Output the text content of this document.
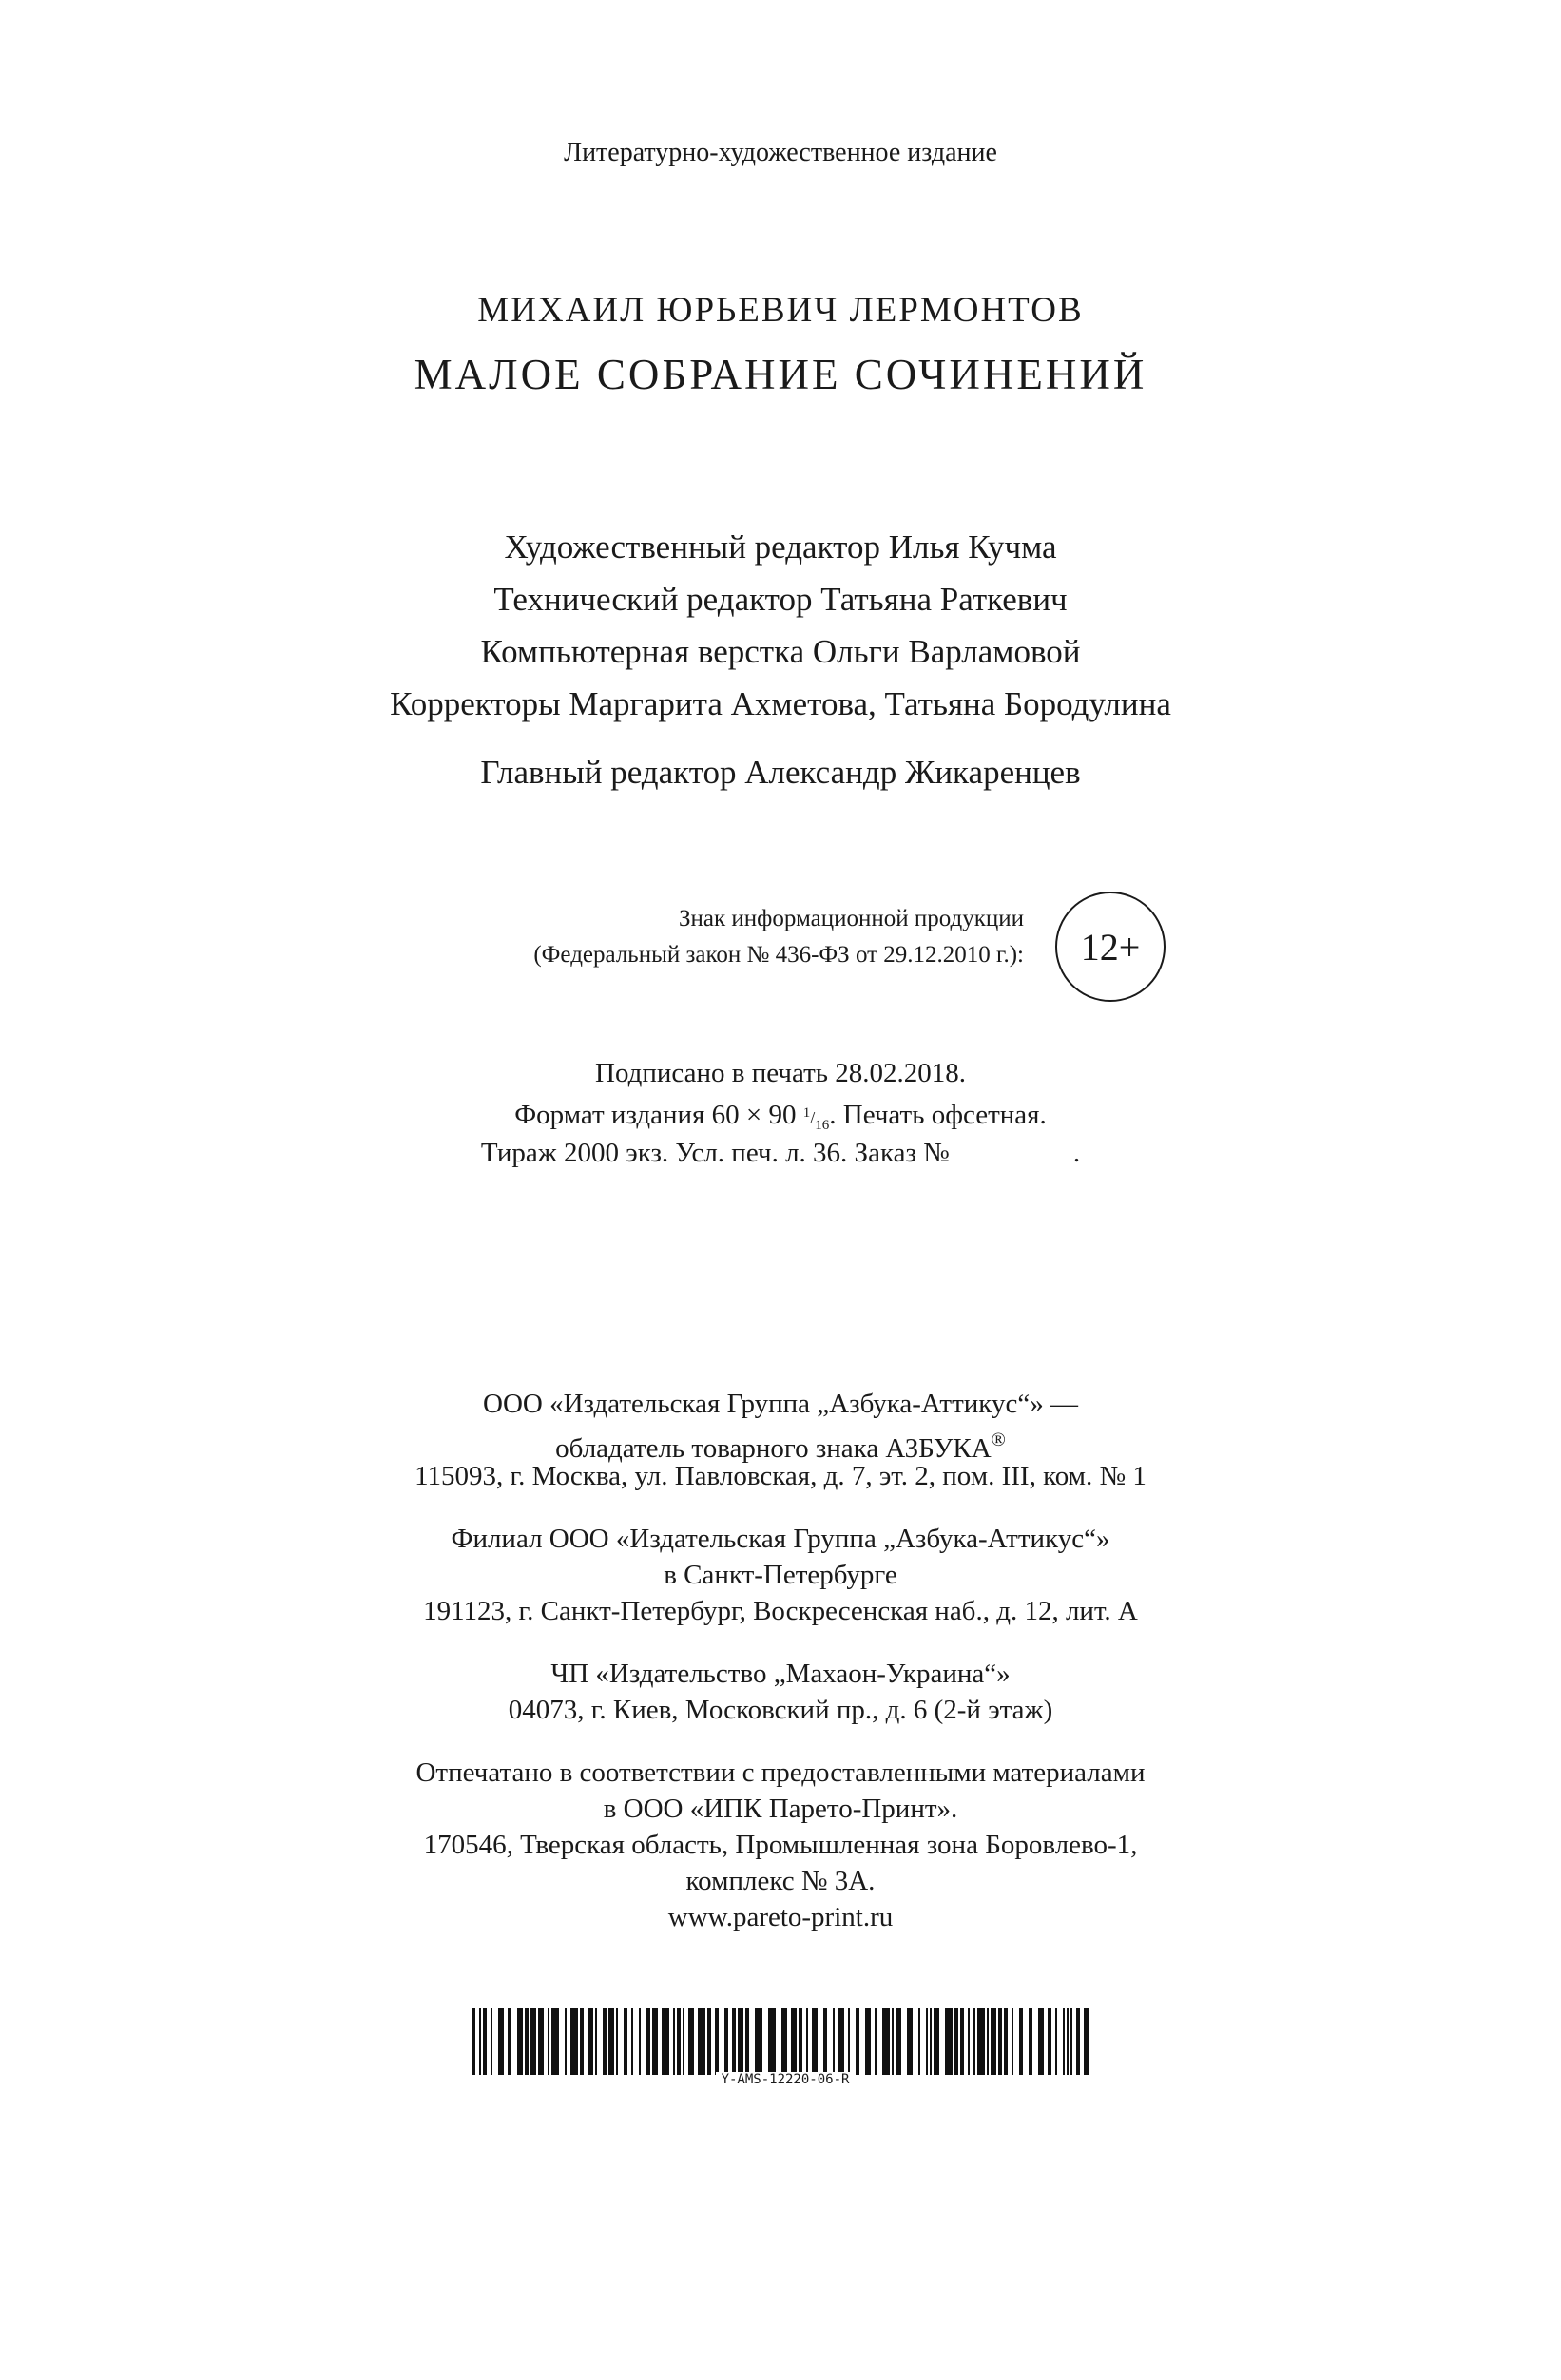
Литературно-художественное издание
МИХАИЛ ЮРЬЕВИЧ ЛЕРМОНТОВ
МАЛОЕ СОБРАНИЕ СОЧИНЕНИЙ
Художественный редактор Илья Кучма
Технический редактор Татьяна Раткевич
Компьютерная верстка Ольги Варламовой
Корректоры Маргарита Ахметова, Татьяна Бородулина
Главный редактор Александр Жикаренцев
Знак информационной продукции
(Федеральный закон № 436-ФЗ от 29.12.2010 г.): 12+
Подписано в печать 28.02.2018.
Формат издания 60 × 90 $^1/_{16}$. Печать офсетная.
Тираж 2000 экз. Усл. печ. л. 36. Заказ №	.
ООО «Издательская Группа „Азбука-Аттикус“» —
обладатель товарного знака АЗБУКА®
115093, г. Москва, ул. Павловская, д. 7, эт. 2, пом. III, ком. № 1
Филиал ООО «Издательская Группа „Азбука-Аттикус“»
в Санкт-Петербурге
191123, г. Санкт-Петербург, Воскресенская наб., д. 12, лит. А
ЧП «Издательство „Махаон-Украина“»
04073, г. Киев, Московский пр., д. 6 (2-й этаж)
Отпечатано в соответствии с предоставленными материалами
в ООО «ИПК Парето-Принт».
170546, Тверская область, Промышленная зона Боровлево-1,
комплекс № 3А.
www.pareto-print.ru
Y-AMS-12220-06-R
